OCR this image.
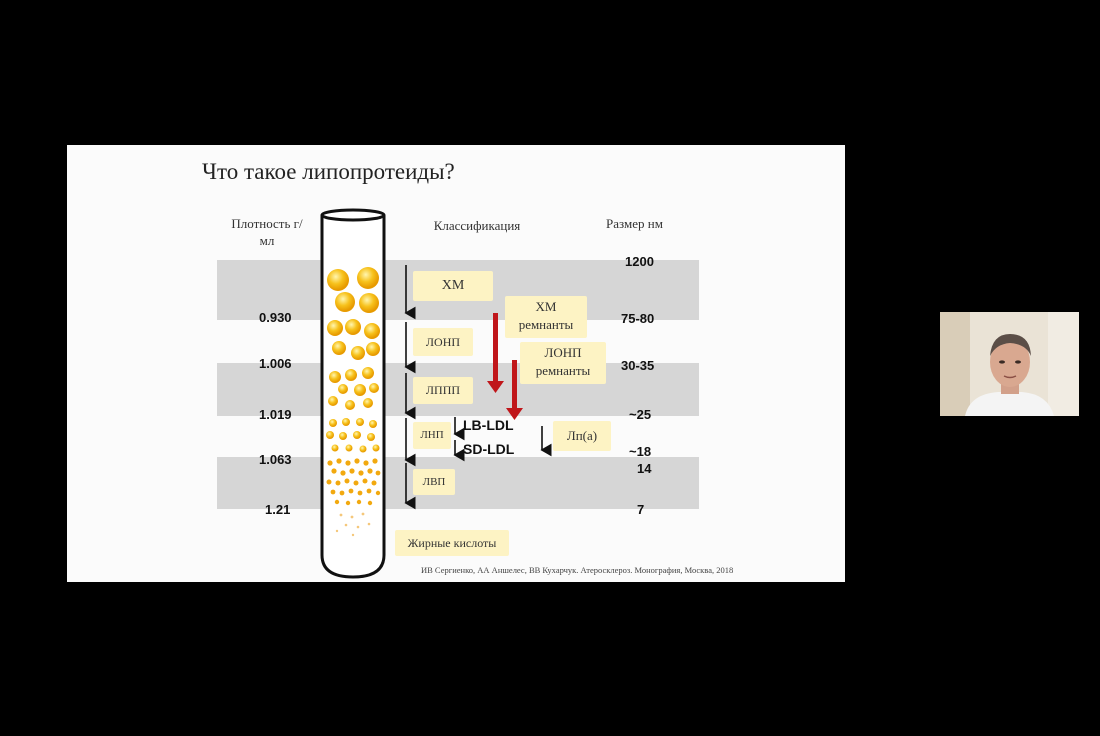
Что такое липопротеиды?
Плотность г/мл
Классификация	Размер нм
0.930
1.006
1.019
1.063
1.21
1200
75-80
30-35
~25
~18
14
7
ХМ
ЛОНП
ЛППП
ЛНП
ЛВП
ХМ
ремнанты
ЛОНП
ремнанты
Лп(а)
Жирные кислоты
LB-LDL
SD-LDL
ИВ Сергиенко, АА Аншелес, ВВ Кухарчук. Атеросклероз. Монография, Москва, 2018
